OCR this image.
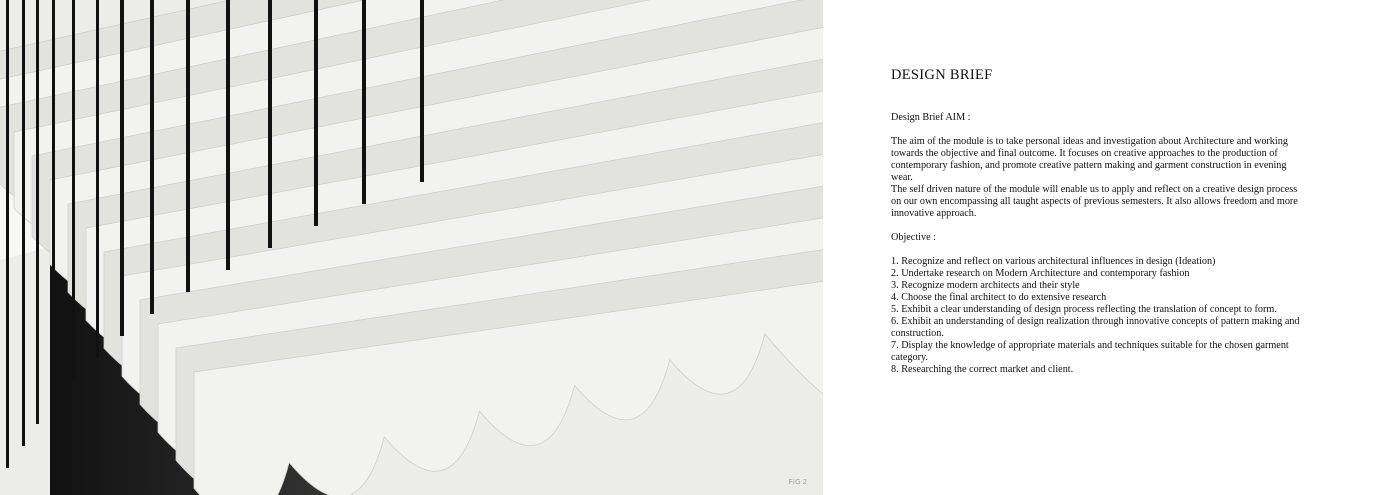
FIG 2
DESIGN BRIEF

Design Brief AIM :

The aim of the module is to take personal ideas and investigation about Architecture and working towards the objective and final outcome. It focuses on creative approaches to the production of contemporary fashion, and promote creative pattern making and garment construction in evening wear.

The self driven nature of the module will enable us to apply and reflect on a creative design process on our own encompassing all taught aspects of previous semesters. It also allows freedom and more innovative approach.

Objective :

1. Recognize and reflect on various architectural influences in design (Ideation)
2. Undertake research on Modern Architecture and contemporary fashion
3. Recognize modern architects and their style
4. Choose the final architect to do extensive research
5. Exhibit a clear understanding of design process reflecting the translation of concept to form.
6. Exhibit an understanding of design realization through innovative concepts of pattern making and construction.
7. Display the knowledge of appropriate materials and techniques suitable for the chosen garment category.
8. Researching the correct market and client.
